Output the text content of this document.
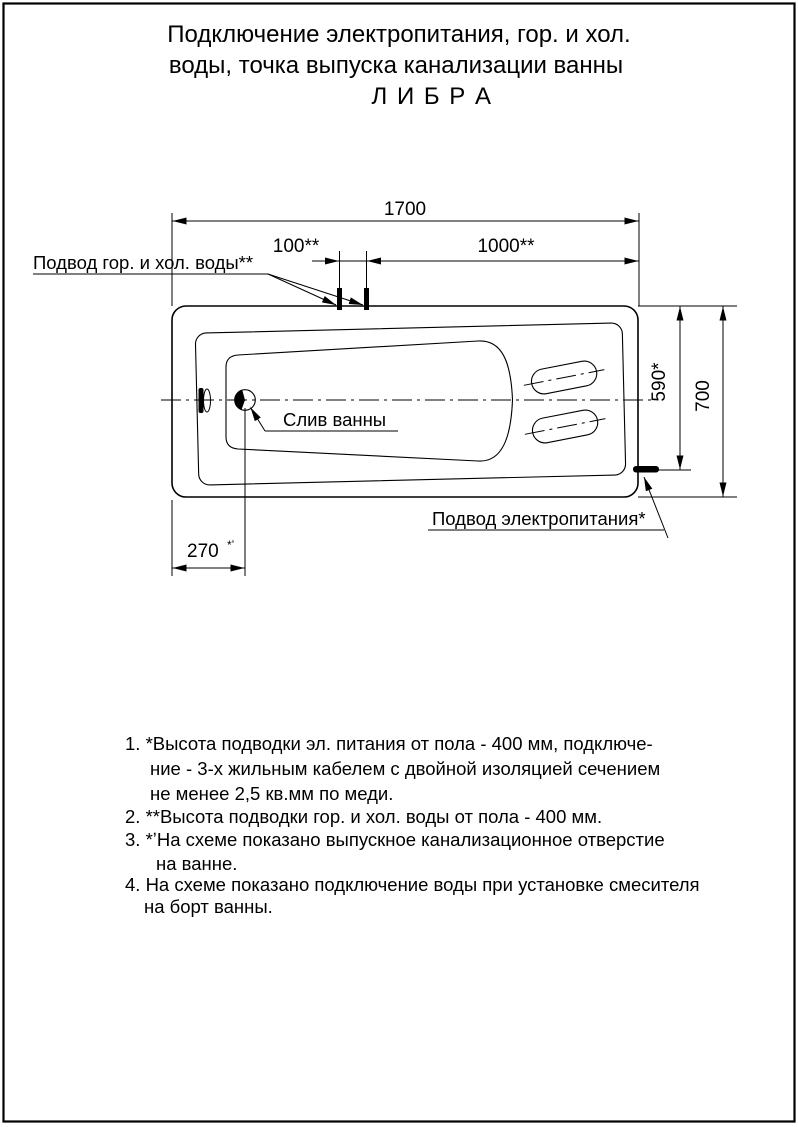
Подключение электропитания, гор. и хол.
воды, точка выпуска канализации ванны
Л И Б Р А
1700
100**	1000**
590* 700
270 *ʼ
Подвод гор. и хол. воды**
Слив ванны
Подвод электропитания*
1. *Высота подводки эл. питания от пола - 400 мм, подключе-
ние - 3-х жильным кабелем с двойной изоляцией сечением
не менее 2,5 кв.мм по меди.
2. **Высота подводки гор. и хол. воды от пола - 400 мм.
3. *ʼНа схеме показано выпускное канализационное отверстие
на ванне.
4. На схеме показано подключение воды при установке смесителя
на борт ванны.
